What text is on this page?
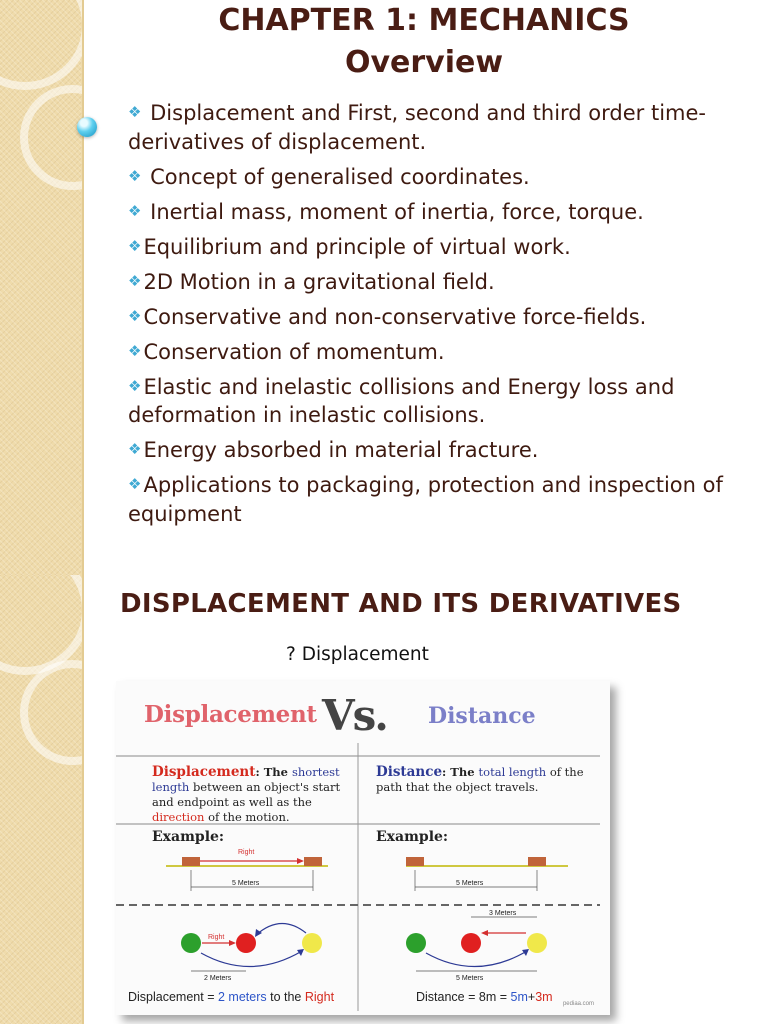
CHAPTER 1: MECHANICS
Overview
❖ Displacement and First, second and third order time-derivatives of displacement.
❖ Concept of generalised coordinates.
❖ Inertial mass, moment of inertia, force, torque.
❖Equilibrium and principle of virtual work.
❖2D Motion in a gravitational field.
❖Conservative and non-conservative force-fields.
❖Conservation of momentum.
❖Elastic and inelastic collisions and Energy loss and deformation in inelastic collisions.
❖Energy absorbed in material fracture.
❖Applications to packaging, protection and inspection of equipment
DISPLACEMENT AND ITS DERIVATIVES
? Displacement
Right
5 Meters	5 Meters
Right
2 Meters
3 Meters
5 Meters
Displacement Vs. Distance
Displacement: The shortest length between an object's start and endpoint as well as the direction of the motion.
Distance: The total length of the path that the object travels.
Example:	Example:
Displacement = 2 meters to the Right	Distance = 8m = 5m+3m pediaa.com
